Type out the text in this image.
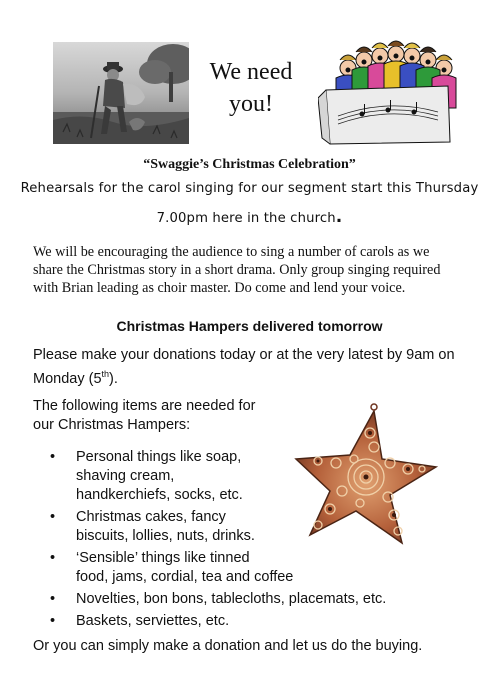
We need
you!
“Swaggie’s Christmas Celebration”
Rehearsals for the carol singing for our segment start this Thursday
7.00pm here in the church.
We will be encouraging the audience to sing a number of carols as we
share the Christmas story in a short drama. Only group singing required
with Brian leading as choir master. Do come and lend your voice.
Christmas Hampers delivered tomorrow
Please make your donations today or at the very latest by 9am on
Monday (5th).
The following items are needed for
our Christmas Hampers:
• Personal things like soap,
shaving cream,
handkerchiefs, socks, etc.
• Christmas cakes, fancy
biscuits, lollies, nuts, drinks.
• ‘Sensible’ things like tinned
food, jams, cordial, tea and coffee
• Novelties, bon bons, tablecloths, placemats, etc.
• Baskets, serviettes, etc.
Or you can simply make a donation and let us do the buying.
